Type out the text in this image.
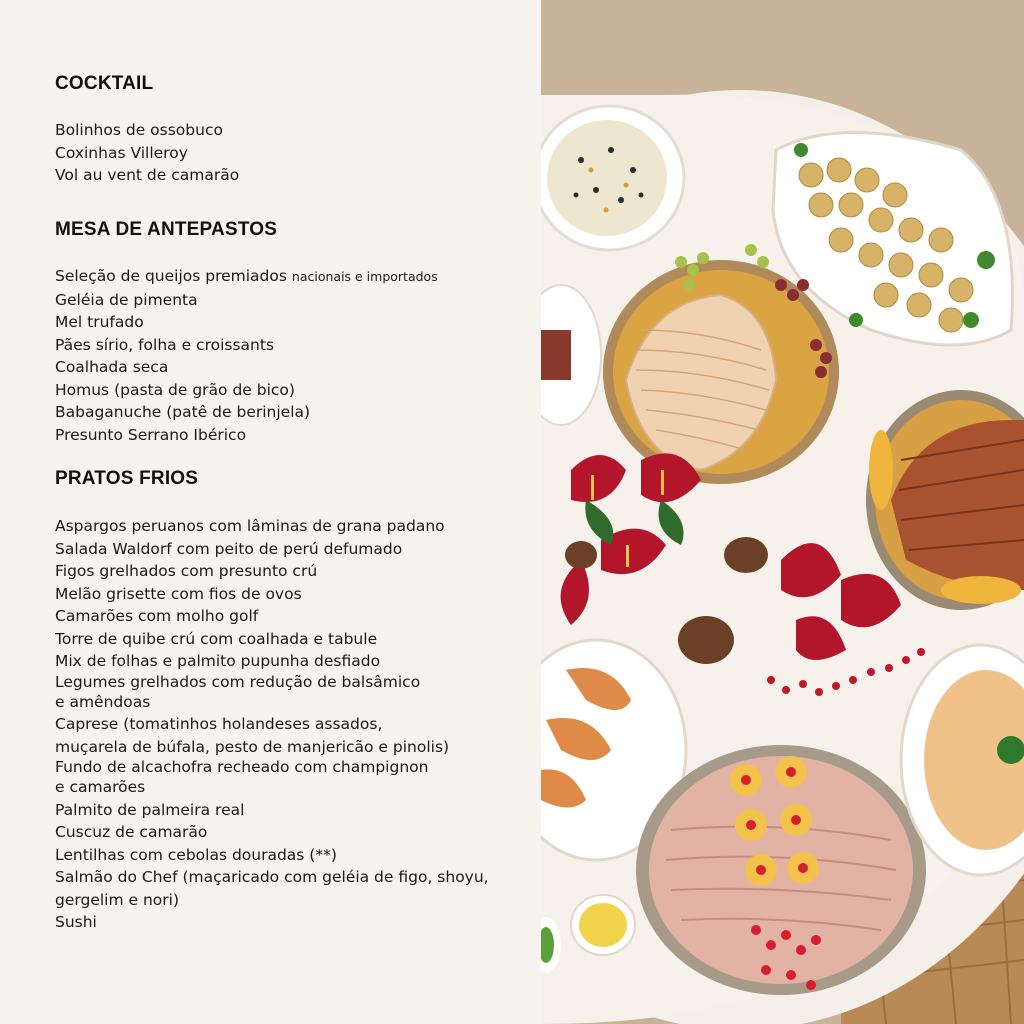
COCKTAIL
Bolinhos de ossobuco
Coxinhas Villeroy
Vol au vent de camarão
MESA DE ANTEPASTOS
Seleção de queijos premiados nacionais e importados
Geléia de pimenta
Mel trufado
Pães sírio, folha e croissants
Coalhada seca
Homus (pasta de grão de bico)
Babaganuche (patê de berinjela)
Presunto Serrano Ibérico
PRATOS FRIOS
Aspargos peruanos com lâminas de grana padano
Salada Waldorf com peito de perú defumado
Figos grelhados com presunto crú
Melão grisette com fios de ovos
Camarões com molho golf
Torre de quibe crú com coalhada e tabule
Mix de folhas e palmito pupunha desfiado
Legumes grelhados com redução de balsâmico
e amêndoas
Caprese (tomatinhos holandeses assados,
muçarela de búfala, pesto de manjericão e pinolis)
Fundo de alcachofra recheado com champignon
e camarões
Palmito de palmeira real
Cuscuz de camarão
Lentilhas com cebolas douradas (**)
Salmão do Chef (maçaricado com geléia de figo, shoyu,
gergelim e nori)
Sushi
